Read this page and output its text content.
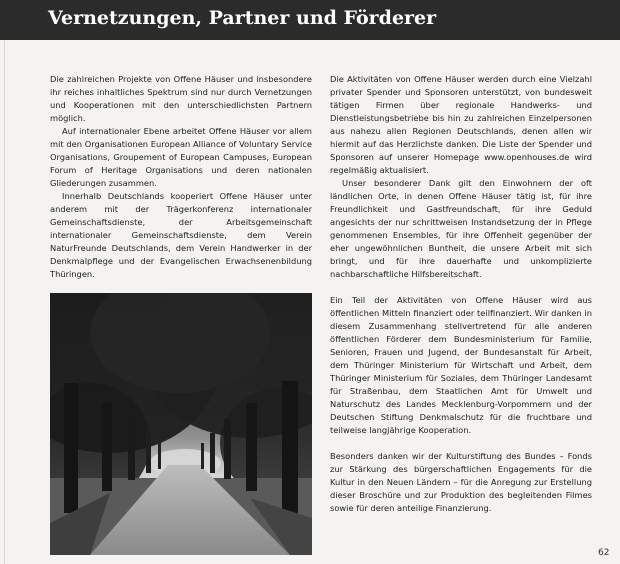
Vernetzungen, Partner und Förderer

Die zahlreichen Projekte von Offene Häuser und insbesondere ihr reiches inhaltliches Spektrum sind nur durch Vernetzungen und Kooperationen mit den unterschiedlichsten Partnern möglich.

Auf internationaler Ebene arbeitet Offene Häuser vor allem mit den Organisationen European Alliance of Voluntary Service Organisations, Groupement of European Campuses, European Forum of Heritage Organisations und deren nationalen Gliederungen zusammen.

Innerhalb Deutschlands kooperiert Offene Häuser unter anderem mit der Trägerkonferenz internationaler Gemeinschaftsdienste, der Arbeitsgemeinschaft internationaler Gemeinschaftsdienste, dem Verein NaturFreunde Deutschlands, dem Verein Handwerker in der Denkmalpflege und der Evangelischen Erwachsenenbildung Thüringen.

Die Aktivitäten von Offene Häuser werden durch eine Vielzahl privater Spender und Sponsoren unterstützt, von bundesweit tätigen Firmen über regionale Handwerks- und Dienstleistungsbetriebe bis hin zu zahlreichen Einzelpersonen aus nahezu allen Regionen Deutschlands, denen allen wir hiermit auf das Herzlichste danken. Die Liste der Spender und Sponsoren auf unserer Homepage www.openhouses.de wird regelmäßig aktualisiert.

Unser besonderer Dank gilt den Einwohnern der oft ländlichen Orte, in denen Offene Häuser tätig ist, für ihre Freundlichkeit und Gastfreundschaft, für ihre Geduld angesichts der nur schrittweisen Instandsetzung der in Pflege genommenen Ensembles, für ihre Offenheit gegenüber der eher ungewöhnlichen Buntheit, die unsere Arbeit mit sich bringt, und für ihre dauerhafte und unkomplizierte nachbarschaftliche Hilfsbereitschaft.

Ein Teil der Aktivitäten von Offene Häuser wird aus öffentlichen Mitteln finanziert oder teilfinanziert. Wir danken in diesem Zusammenhang stellvertretend für alle anderen öffentlichen Förderer dem Bundesministerium für Familie, Senioren, Frauen und Jugend, der Bundesanstalt für Arbeit, dem Thüringer Ministerium für Wirtschaft und Arbeit, dem Thüringer Ministerium für Soziales, dem Thüringer Landesamt für Straßenbau, dem Staatlichen Amt für Umwelt und Naturschutz des Landes Mecklenburg-Vorpommern und der Deutschen Stiftung Denkmalschutz für die fruchtbare und teilweise langjährige Kooperation.

Besonders danken wir der Kulturstiftung des Bundes – Fonds zur Stärkung des bürgerschaftlichen Engagements für die Kultur in den Neuen Ländern – für die Anregung zur Erstellung dieser Broschüre und zur Produktion des begleitenden Filmes sowie für deren anteilige Finanzierung.

62
